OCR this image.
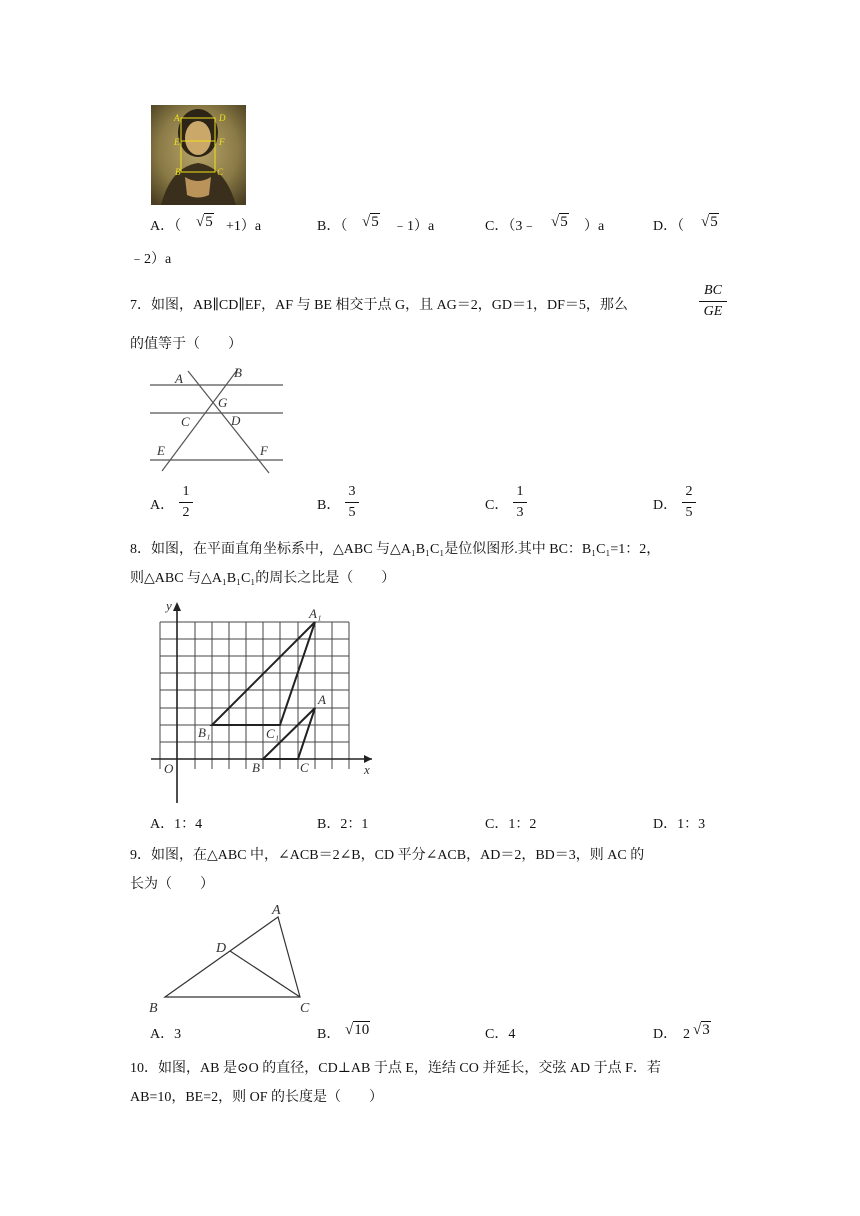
A	D
E	F
B	C
A．（ √5 +1）a	B．（ √5 ﹣1）a	C．（3﹣ √5 ）a	D．（ √5
﹣2）a
7．如图，AB∥CD∥EF，AF 与 BE 相交于点 G，且 AG＝2，GD＝1，DF＝5，那么
BC
GE
的值等于（　　）
A	B
G
C	D
E	F
A．
1
2	B．
3
5	C．
1
3	D．
2
5
8．如图，在平面直角坐标系中，△ABC 与△A₁B₁C₁是位似图形.其中 BC：B₁C₁=1：2，
则△ABC 与△A₁B₁C₁的周长之比是（　　）
y
x
O
A₁
B₁	C₁
A
B	C
A．1：4	B．2：1	C．1：2	D．1：3
9．如图，在△ABC 中，∠ACB＝2∠B，CD 平分∠ACB，AD＝2，BD＝3，则 AC 的
长为（　　）
A
D
B	C
A．3	B． √10	C．4	D． 2 √3
10．如图，AB 是⊙O 的直径，CD⊥AB 于点 E，连结 CO 并延长，交弦 AD 于点 F．若
AB=10，BE=2，则 OF 的长度是（　　）
